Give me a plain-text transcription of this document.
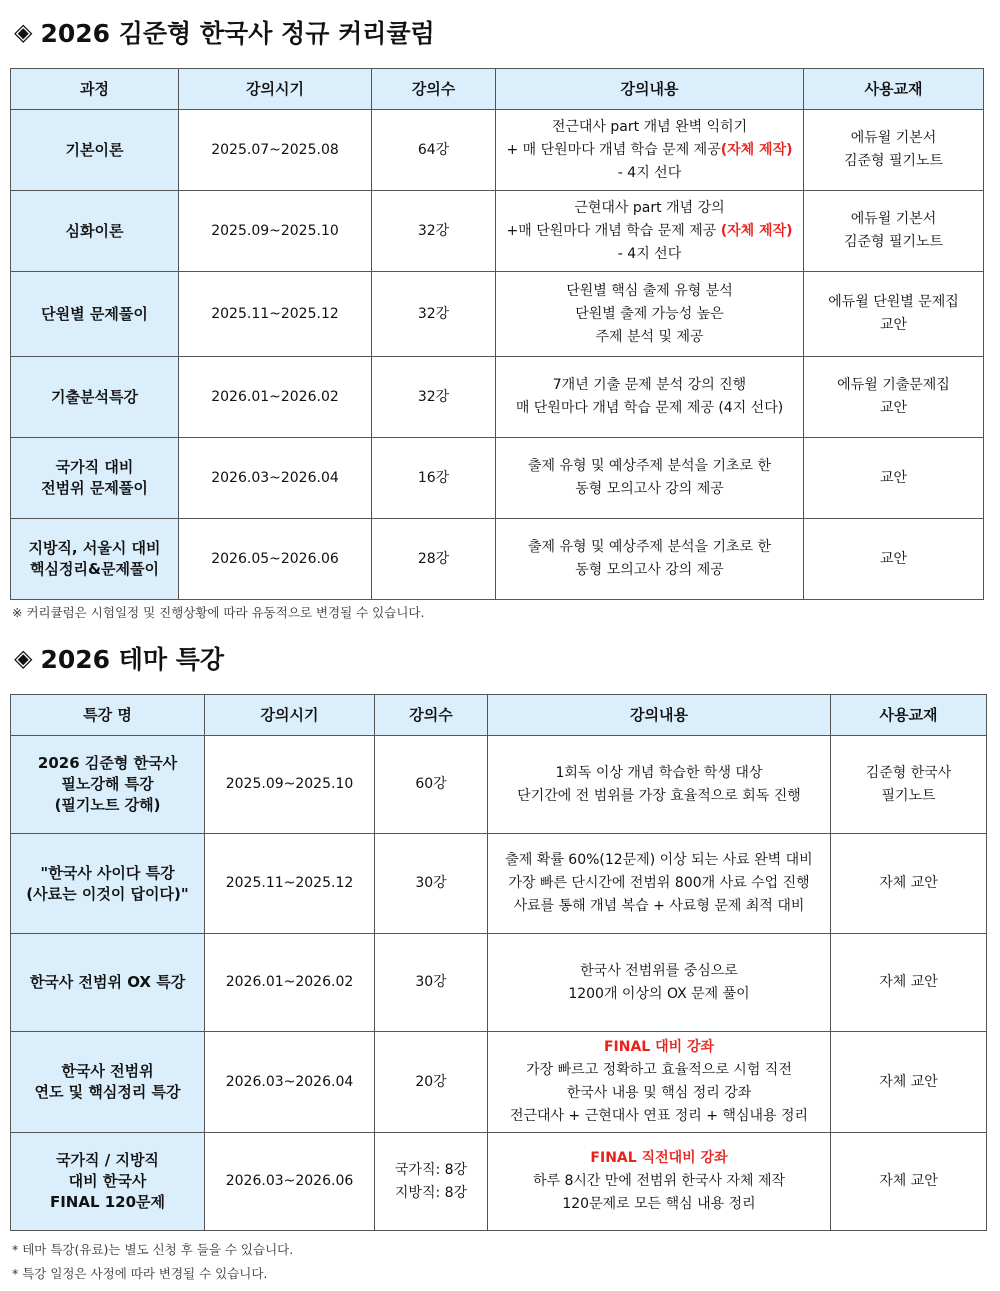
◈ 2026 김준형 한국사 정규 커리큘럼
과정	강의시기	강의수	강의내용	사용교재

기본이론	2025.07~2025.08	64강	전근대사 part 개념 완벽 익히기
+ 매 단원마다 개념 학습 문제 제공(자체 제작)
- 4지 선다	에듀윌 기본서
김준형 필기노트

심화이론	2025.09~2025.10	32강	근현대사 part 개념 강의
+매 단원마다 개념 학습 문제 제공 (자체 제작)
- 4지 선다	에듀윌 기본서
김준형 필기노트

단원별 문제풀이	2025.11~2025.12	32강	단원별 핵심 출제 유형 분석
단원별 출제 가능성 높은
주제 분석 및 제공	에듀윌 단원별 문제집
교안

기출분석특강	2026.01~2026.02	32강	7개년 기출 문제 분석 강의 진행
매 단원마다 개념 학습 문제 제공 (4지 선다)	에듀윌 기출문제집
교안

국가직 대비
전범위 문제풀이	2026.03~2026.04	16강	출제 유형 및 예상주제 분석을 기초로 한
동형 모의고사 강의 제공	교안

지방직, 서울시 대비
핵심정리&문제풀이	2026.05~2026.06	28강	출제 유형 및 예상주제 분석을 기초로 한
동형 모의고사 강의 제공	교안

※ 커리큘럼은 시험일정 및 진행상황에 따라 유동적으로 변경될 수 있습니다.

◈ 2026 테마 특강
특강 명	강의시기	강의수	강의내용	사용교재

2026 김준형 한국사
필노강해 특강
(필기노트 강해)	2025.09~2025.10	60강	1회독 이상 개념 학습한 학생 대상
단기간에 전 범위를 가장 효율적으로 회독 진행	김준형 한국사
필기노트

"한국사 사이다 특강
(사료는 이것이 답이다)"	2025.11~2025.12	30강	출제 확률 60%(12문제) 이상 되는 사료 완벽 대비
가장 빠른 단시간에 전범위 800개 사료 수업 진행
사료를 통해 개념 복습 + 사료형 문제 최적 대비	자체 교안

한국사 전범위 OX 특강	2026.01~2026.02	30강	한국사 전범위를 중심으로
1200개 이상의 OX 문제 풀이	자체 교안

한국사 전범위
연도 및 핵심정리 특강	2026.03~2026.04	20강	FINAL 대비 강좌
가장 빠르고 정확하고 효율적으로 시험 직전
한국사 내용 및 핵심 정리 강좌
전근대사 + 근현대사 연표 정리 + 핵심내용 정리	자체 교안

국가직 / 지방직
대비 한국사
FINAL 120문제	2026.03~2026.06	국가직: 8강
지방직: 8강	FINAL 직전대비 강좌
하루 8시간 만에 전범위 한국사 자체 제작
120문제로 모든 핵심 내용 정리	자체 교안

* 테마 특강(유료)는 별도 신청 후 들을 수 있습니다.

* 특강 일정은 사정에 따라 변경될 수 있습니다.
